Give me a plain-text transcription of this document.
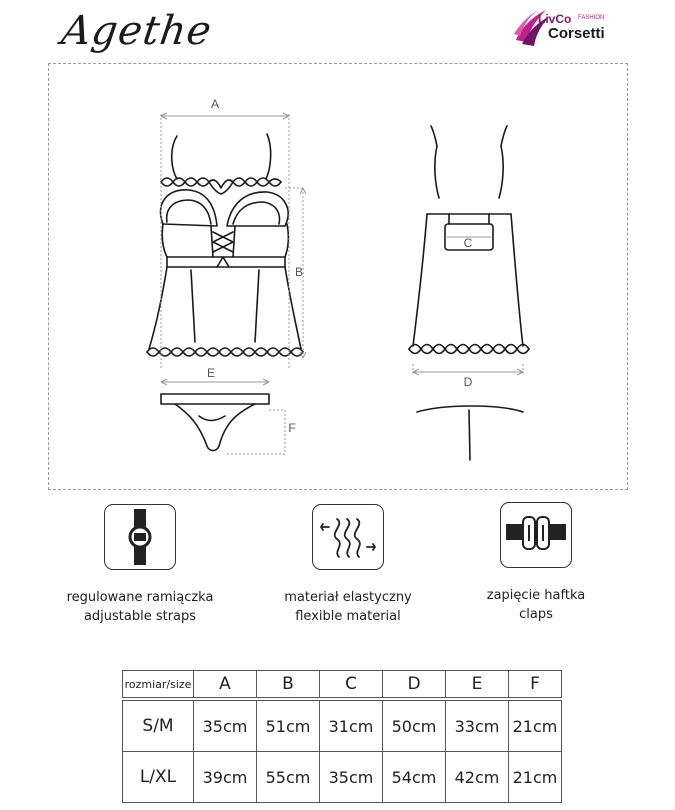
Agethe	LivCo FASHION
Corsetti
A
B
C
D
E
F
regulowane ramiączka
adjustable straps
materiał elastyczny
flexible material
zapięcie haftka
claps
rozmiar/size	A	B	C	D	E	F

S/M	35cm	51cm	31cm	50cm	33cm	21cm
L/XL	39cm	55cm	35cm	54cm	42cm	21cm
